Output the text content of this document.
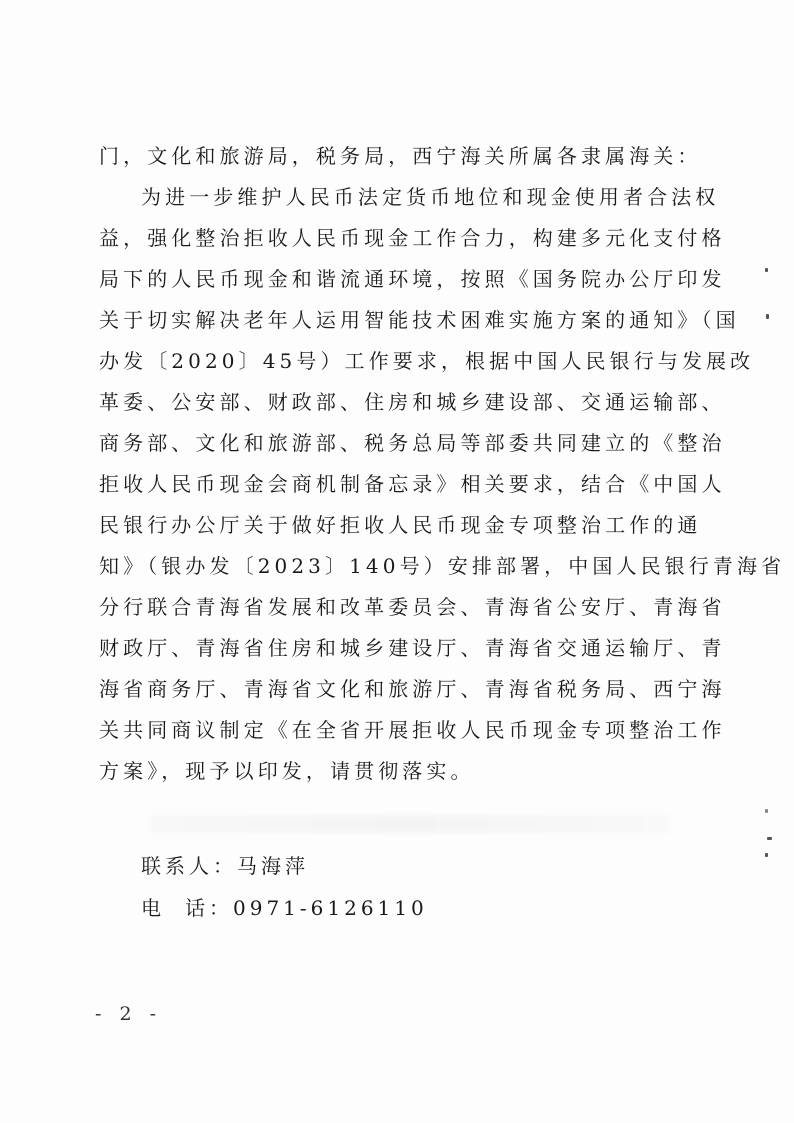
门，文化和旅游局，税务局，西宁海关所属各隶属海关：
为进一步维护人民币法定货币地位和现金使用者合法权
益，强化整治拒收人民币现金工作合力，构建多元化支付格
局下的人民币现金和谐流通环境，按照《国务院办公厅印发
关于切实解决老年人运用智能技术困难实施方案的通知》（国
办发〔2020〕45号）工作要求，根据中国人民银行与发展改
革委、公安部、财政部、住房和城乡建设部、交通运输部、
商务部、文化和旅游部、税务总局等部委共同建立的《整治
拒收人民币现金会商机制备忘录》相关要求，结合《中国人
民银行办公厅关于做好拒收人民币现金专项整治工作的通
知》（银办发〔2023〕140号）安排部署，中国人民银行青海省
分行联合青海省发展和改革委员会、青海省公安厅、青海省
财政厅、青海省住房和城乡建设厅、青海省交通运输厅、青
海省商务厅、青海省文化和旅游厅、青海省税务局、西宁海
关共同商议制定《在全省开展拒收人民币现金专项整治工作
方案》，现予以印发，请贯彻落实。
联系人：马海萍
电 话：0971-6126110
- 2 -
